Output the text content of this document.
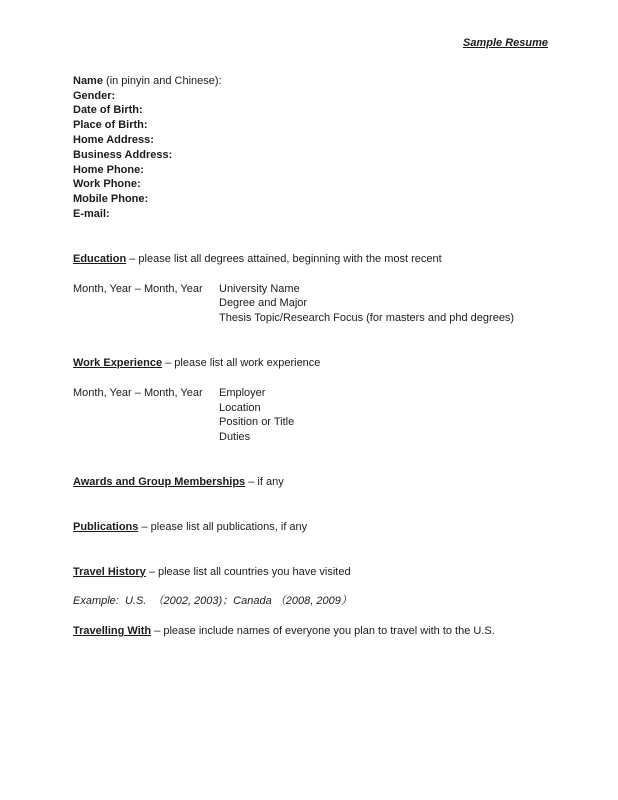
Sample Resume
Name (in pinyin and Chinese):
Gender:
Date of Birth:
Place of Birth:
Home Address:
Business Address:
Home Phone:
Work Phone:
Mobile Phone:
E-mail:
Education – please list all degrees attained, beginning with the most recent
Month, Year – Month, Year	University Name
Degree and Major
Thesis Topic/Research Focus (for masters and phd degrees)
Work Experience – please list all work experience
Month, Year – Month, Year	Employer
Location
Position or Title
Duties
Awards and Group Memberships – if any
Publications – please list all publications, if any
Travel History – please list all countries you have visited
Example:  U.S.  （2002, 2003)；Canada （2008, 2009）
Travelling With – please include names of everyone you plan to travel with to the U.S.
